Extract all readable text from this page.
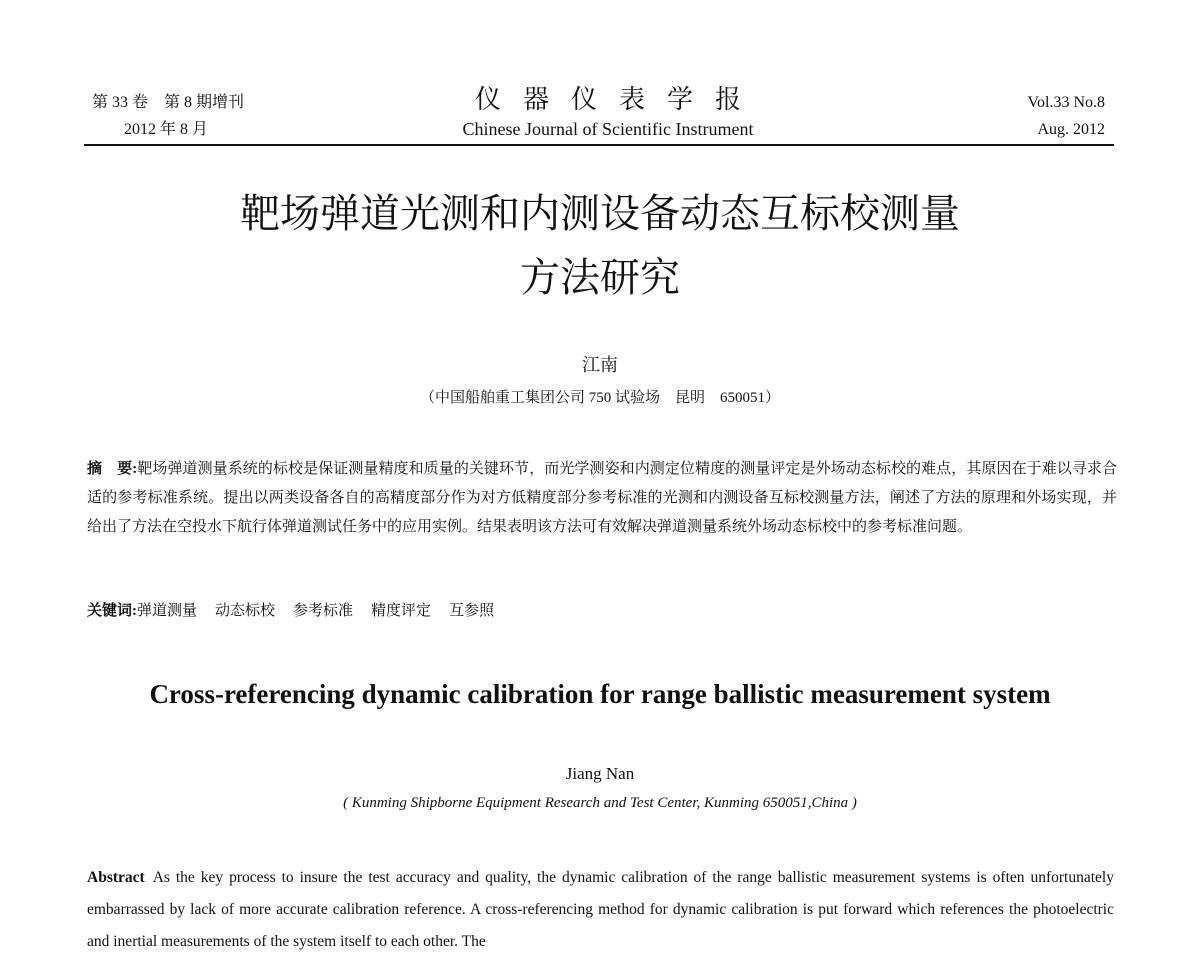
第 33 卷　第 8 期增刊
2012 年 8 月
仪器仪表学报
Chinese Journal of Scientific Instrument
Vol.33 No.8
Aug. 2012
靶场弹道光测和内测设备动态互标校测量
方法研究
江南
（中国船舶重工集团公司 750 试验场　昆明　650051）
摘　要:靶场弹道测量系统的标校是保证测量精度和质量的关键环节，而光学测姿和内测定位精度的测量评定是外场动态标校的难点，其原因在于难以寻求合适的参考标准系统。提出以两类设备各自的高精度部分作为对方低精度部分参考标准的光测和内测设备互标校测量方法，阐述了方法的原理和外场实现，并给出了方法在空投水下航行体弹道测试任务中的应用实例。结果表明该方法可有效解决弹道测量系统外场动态标校中的参考标准问题。
关键词:弹道测量 动态标校 参考标准 精度评定 互参照
Cross-referencing dynamic calibration for range ballistic measurement system
Jiang Nan
( Kunming Shipborne Equipment Research and Test Center, Kunming 650051,China )
Abstract As the key process to insure the test accuracy and quality, the dynamic calibration of the range ballistic measurement systems is often unfortunately embarrassed by lack of more accurate calibration reference. A cross-referencing method for dynamic calibration is put forward which references the photoelectric and inertial measurements of the system itself to each other. The
